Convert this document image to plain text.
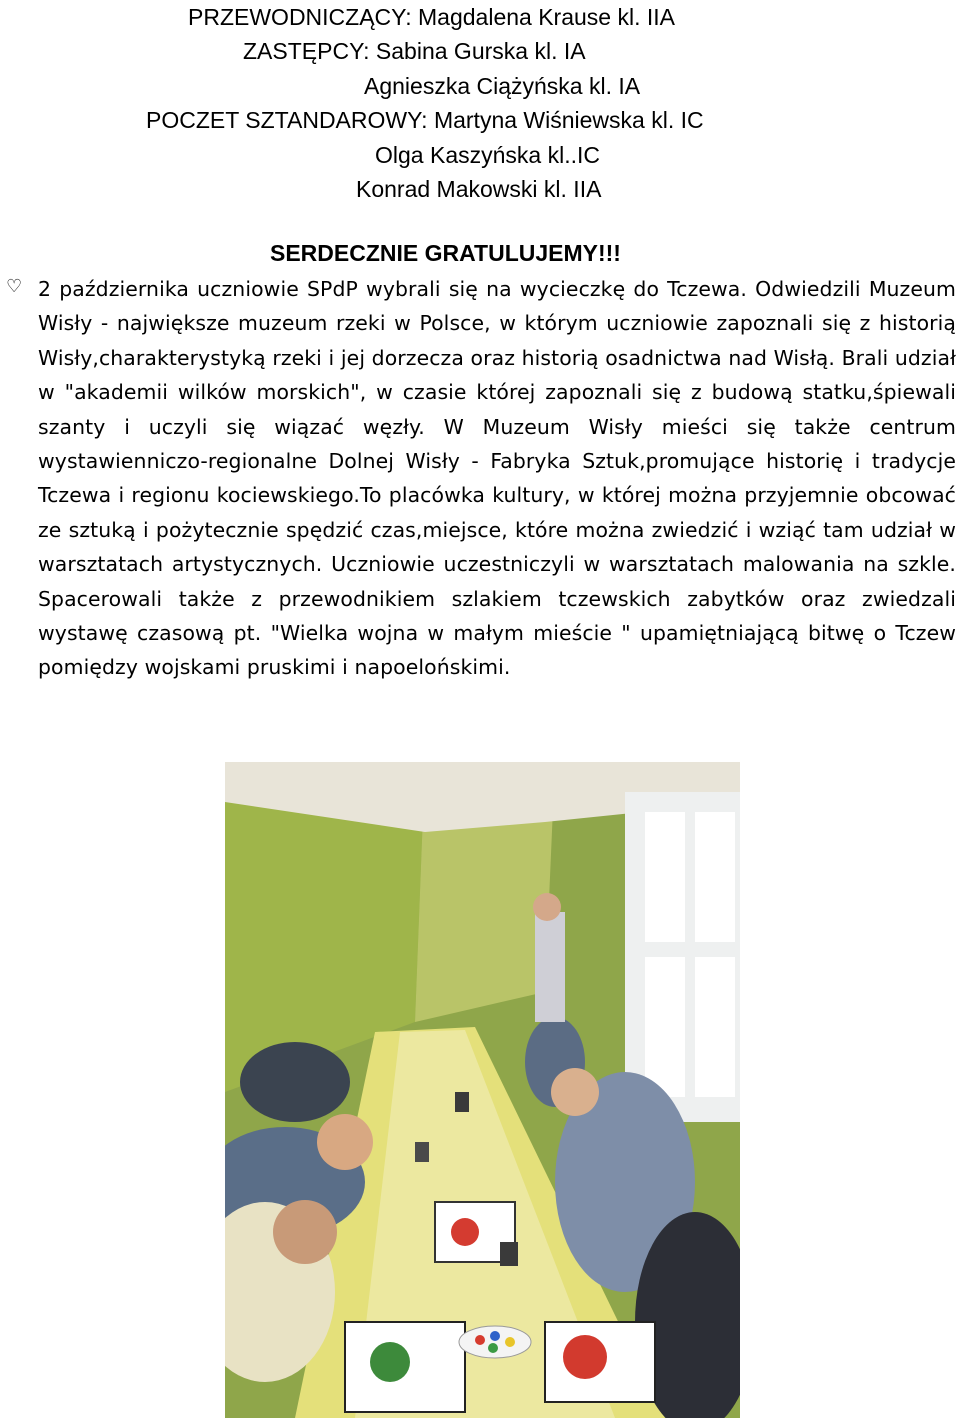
PRZEWODNICZĄCY: Magdalena Krause kl. IIA
ZASTĘPCY: Sabina Gurska kl. IA
Agnieszka Ciążyńska kl. IA
POCZET SZTANDAROWY: Martyna Wiśniewska kl. IC
Olga Kaszyńska kl..IC
Konrad Makowski kl. IIA
SERDECZNIE GRATULUJEMY!!!
♡ 2 października uczniowie SPdP wybrali się na wycieczkę do Tczewa. Odwiedzili Muzeum Wisły - największe muzeum rzeki w Polsce, w którym uczniowie zapoznali się z historią Wisły,charakterystyką rzeki i jej dorzecza oraz historią osadnictwa nad Wisłą. Brali udział w "akademii wilków morskich", w czasie której zapoznali się z budową statku,śpiewali szanty i uczyli się wiązać węzły. W Muzeum Wisły mieści się także centrum wystawienniczo-regionalne Dolnej Wisły - Fabryka Sztuk,promujące historię i tradycje Tczewa i regionu kociewskiego.To placówka kultury, w której można przyjemnie obcować ze sztuką i pożytecznie spędzić czas,miejsce, które można zwiedzić i wziąć tam udział w warsztatach artystycznych. Uczniowie uczestniczyli w warsztatach malowania na szkle. Spacerowali także z przewodnikiem szlakiem tczewskich zabytków oraz zwiedzali wystawę czasową pt. "Wielka wojna w małym mieście " upamiętniającą bitwę o Tczew pomiędzy wojskami pruskimi i napoelońskimi.
